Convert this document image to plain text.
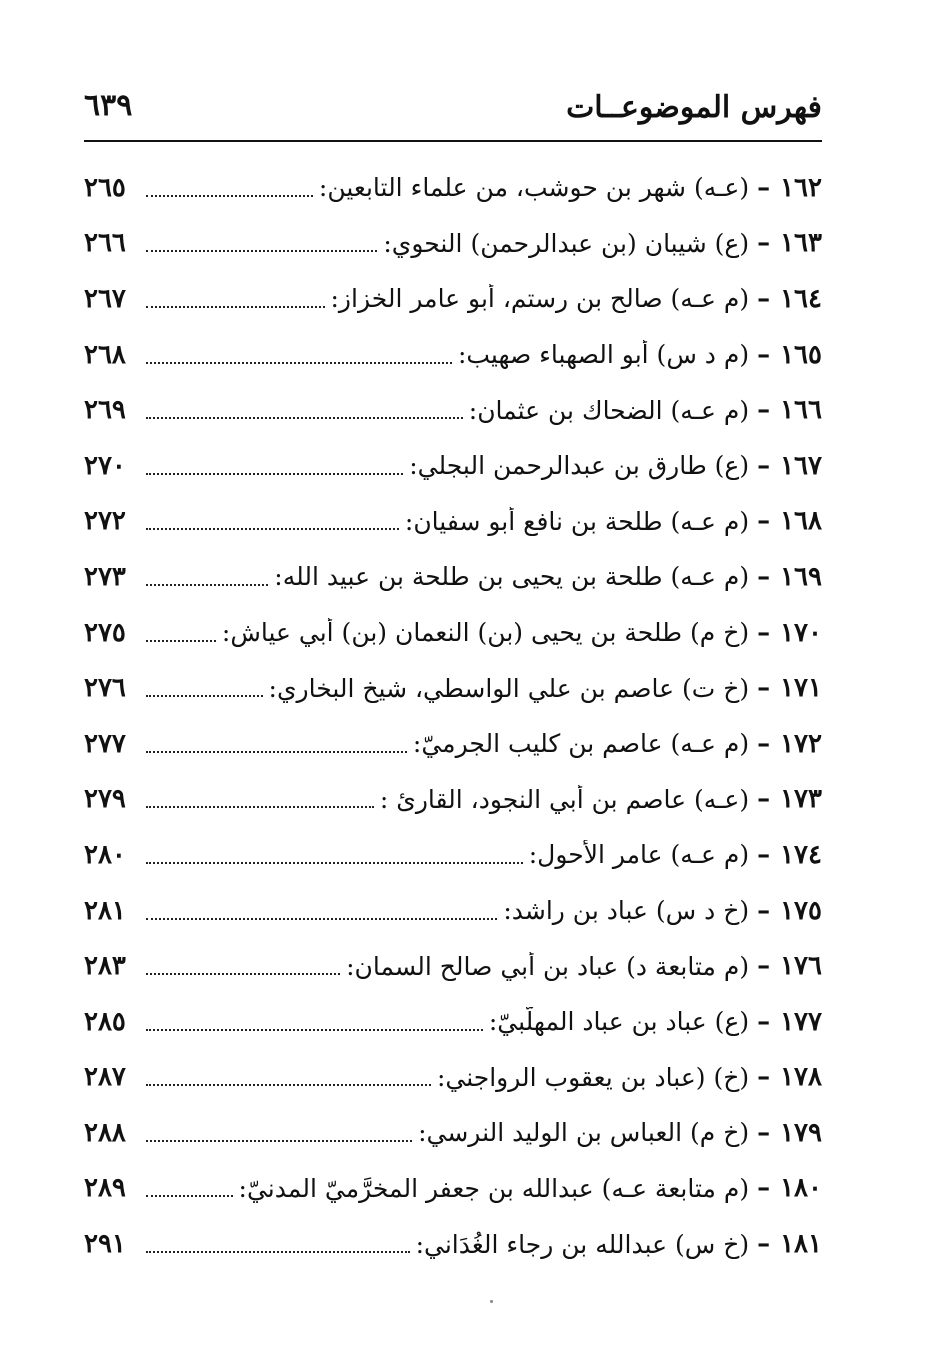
فهرس الموضوعــات
٦٣٩
٢٦٥	(عـه) شهر بن حوشب، من علماء التابعين: – ١٦٢
٢٦٦	(ع) شيبان (بن عبدالرحمن) النحوي: – ١٦٣
٢٦٧	(م عـه) صالح بن رستم، أبو عامر الخزاز: – ١٦٤
٢٦٨	(م د س) أبو الصهباء صهيب: – ١٦٥
٢٦٩	(م عـه) الضحاك بن عثمان: – ١٦٦
٢٧٠	(ع) طارق بن عبدالرحمن البجلي: – ١٦٧
٢٧٢	(م عـه) طلحة بن نافع أبو سفيان: – ١٦٨
٢٧٣	(م عـه) طلحة بن يحيى بن طلحة بن عبيد الله: – ١٦٩
٢٧٥	(خ م) طلحة بن يحيى (بن) النعمان (بن) أبي عياش: – ١٧٠
٢٧٦	(خ ت) عاصم بن علي الواسطي، شيخ البخاري: – ١٧١
٢٧٧	(م عـه) عاصم بن كليب الجرميّ: – ١٧٢
٢٧٩	(عـه) عاصم بن أبي النجود، القارئ : – ١٧٣
٢٨٠	(م عـه) عامر الأحول: – ١٧٤
٢٨١	(خ د س) عباد بن راشد: – ١٧٥
٢٨٣	(م متابعة د) عباد بن أبي صالح السمان: – ١٧٦
٢٨٥	(ع) عباد بن عباد المهلّبيّ: – ١٧٧
٢٨٧	(خ) (عباد بن يعقوب الرواجني: – ١٧٨
٢٨٨	(خ م) العباس بن الوليد النرسي: – ١٧٩
٢٨٩	(م متابعة عـه) عبدالله بن جعفر المخرَّميّ المدنيّ: – ١٨٠
٢٩١	(خ س) عبدالله بن رجاء الغُدَاني: – ١٨١
